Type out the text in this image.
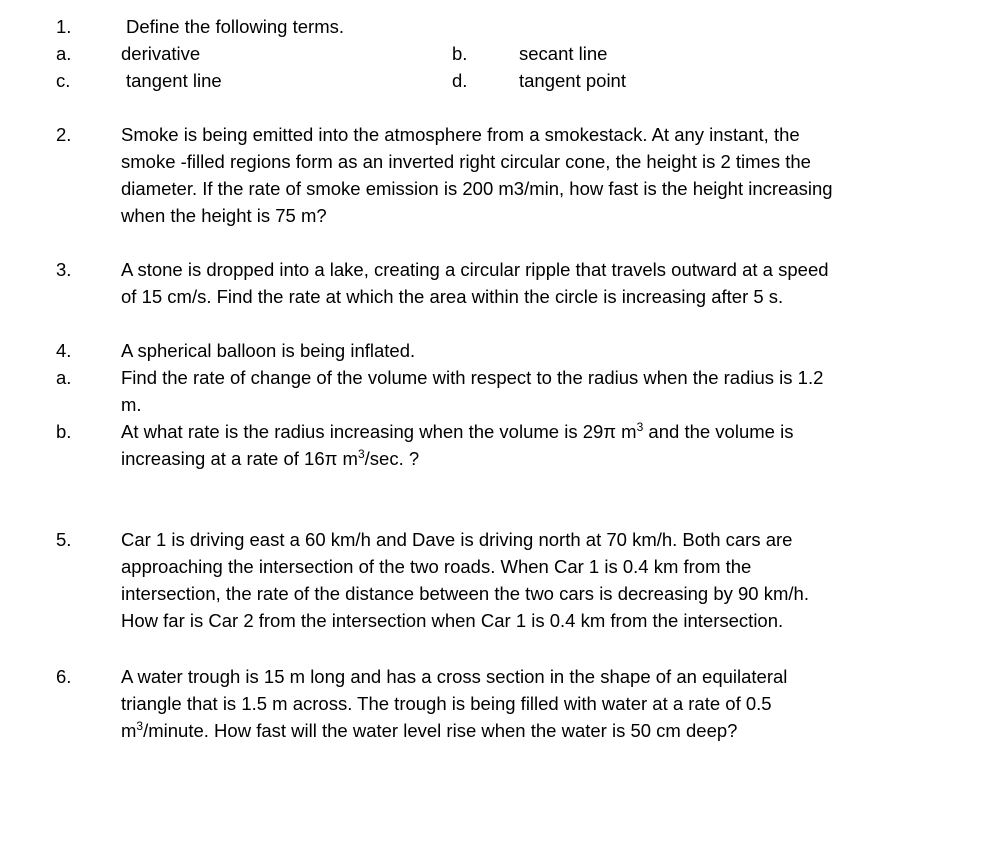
1.	Define the following terms.
a.	derivative	b.	secant line
c.	tangent line	d.	tangent point
2.	Smoke is being emitted into the atmosphere from a smokestack. At any instant, the
smoke -filled regions form as an inverted right circular cone, the height is 2 times the
diameter. If the rate of smoke emission is 200 m3/min, how fast is the height increasing
when the height is 75 m?
3.	A stone is dropped into a lake, creating a circular ripple that travels outward at a speed
of 15 cm/s. Find the rate at which the area within the circle is increasing after 5 s.
4.	A spherical balloon is being inflated.
a.	Find the rate of change of the volume with respect to the radius when the radius is 1.2
m.
b.	At what rate is the radius increasing when the volume is 29π $m^3$ and the volume is
increasing at a rate of 16π $m^3/\sec$. ?
5.	Car 1 is driving east a 60 km/h and Dave is driving north at 70 km/h. Both cars are
approaching the intersection of the two roads. When Car 1 is 0.4 km from the
intersection, the rate of the distance between the two cars is decreasing by 90 km/h.
How far is Car 2 from the intersection when Car 1 is 0.4 km from the intersection.
6.	A water trough is 15 m long and has a cross section in the shape of an equilateral
triangle that is 1.5 m across. The trough is being filled with water at a rate of 0.5
$m^3$/minute. How fast will the water level rise when the water is 50 cm deep?
